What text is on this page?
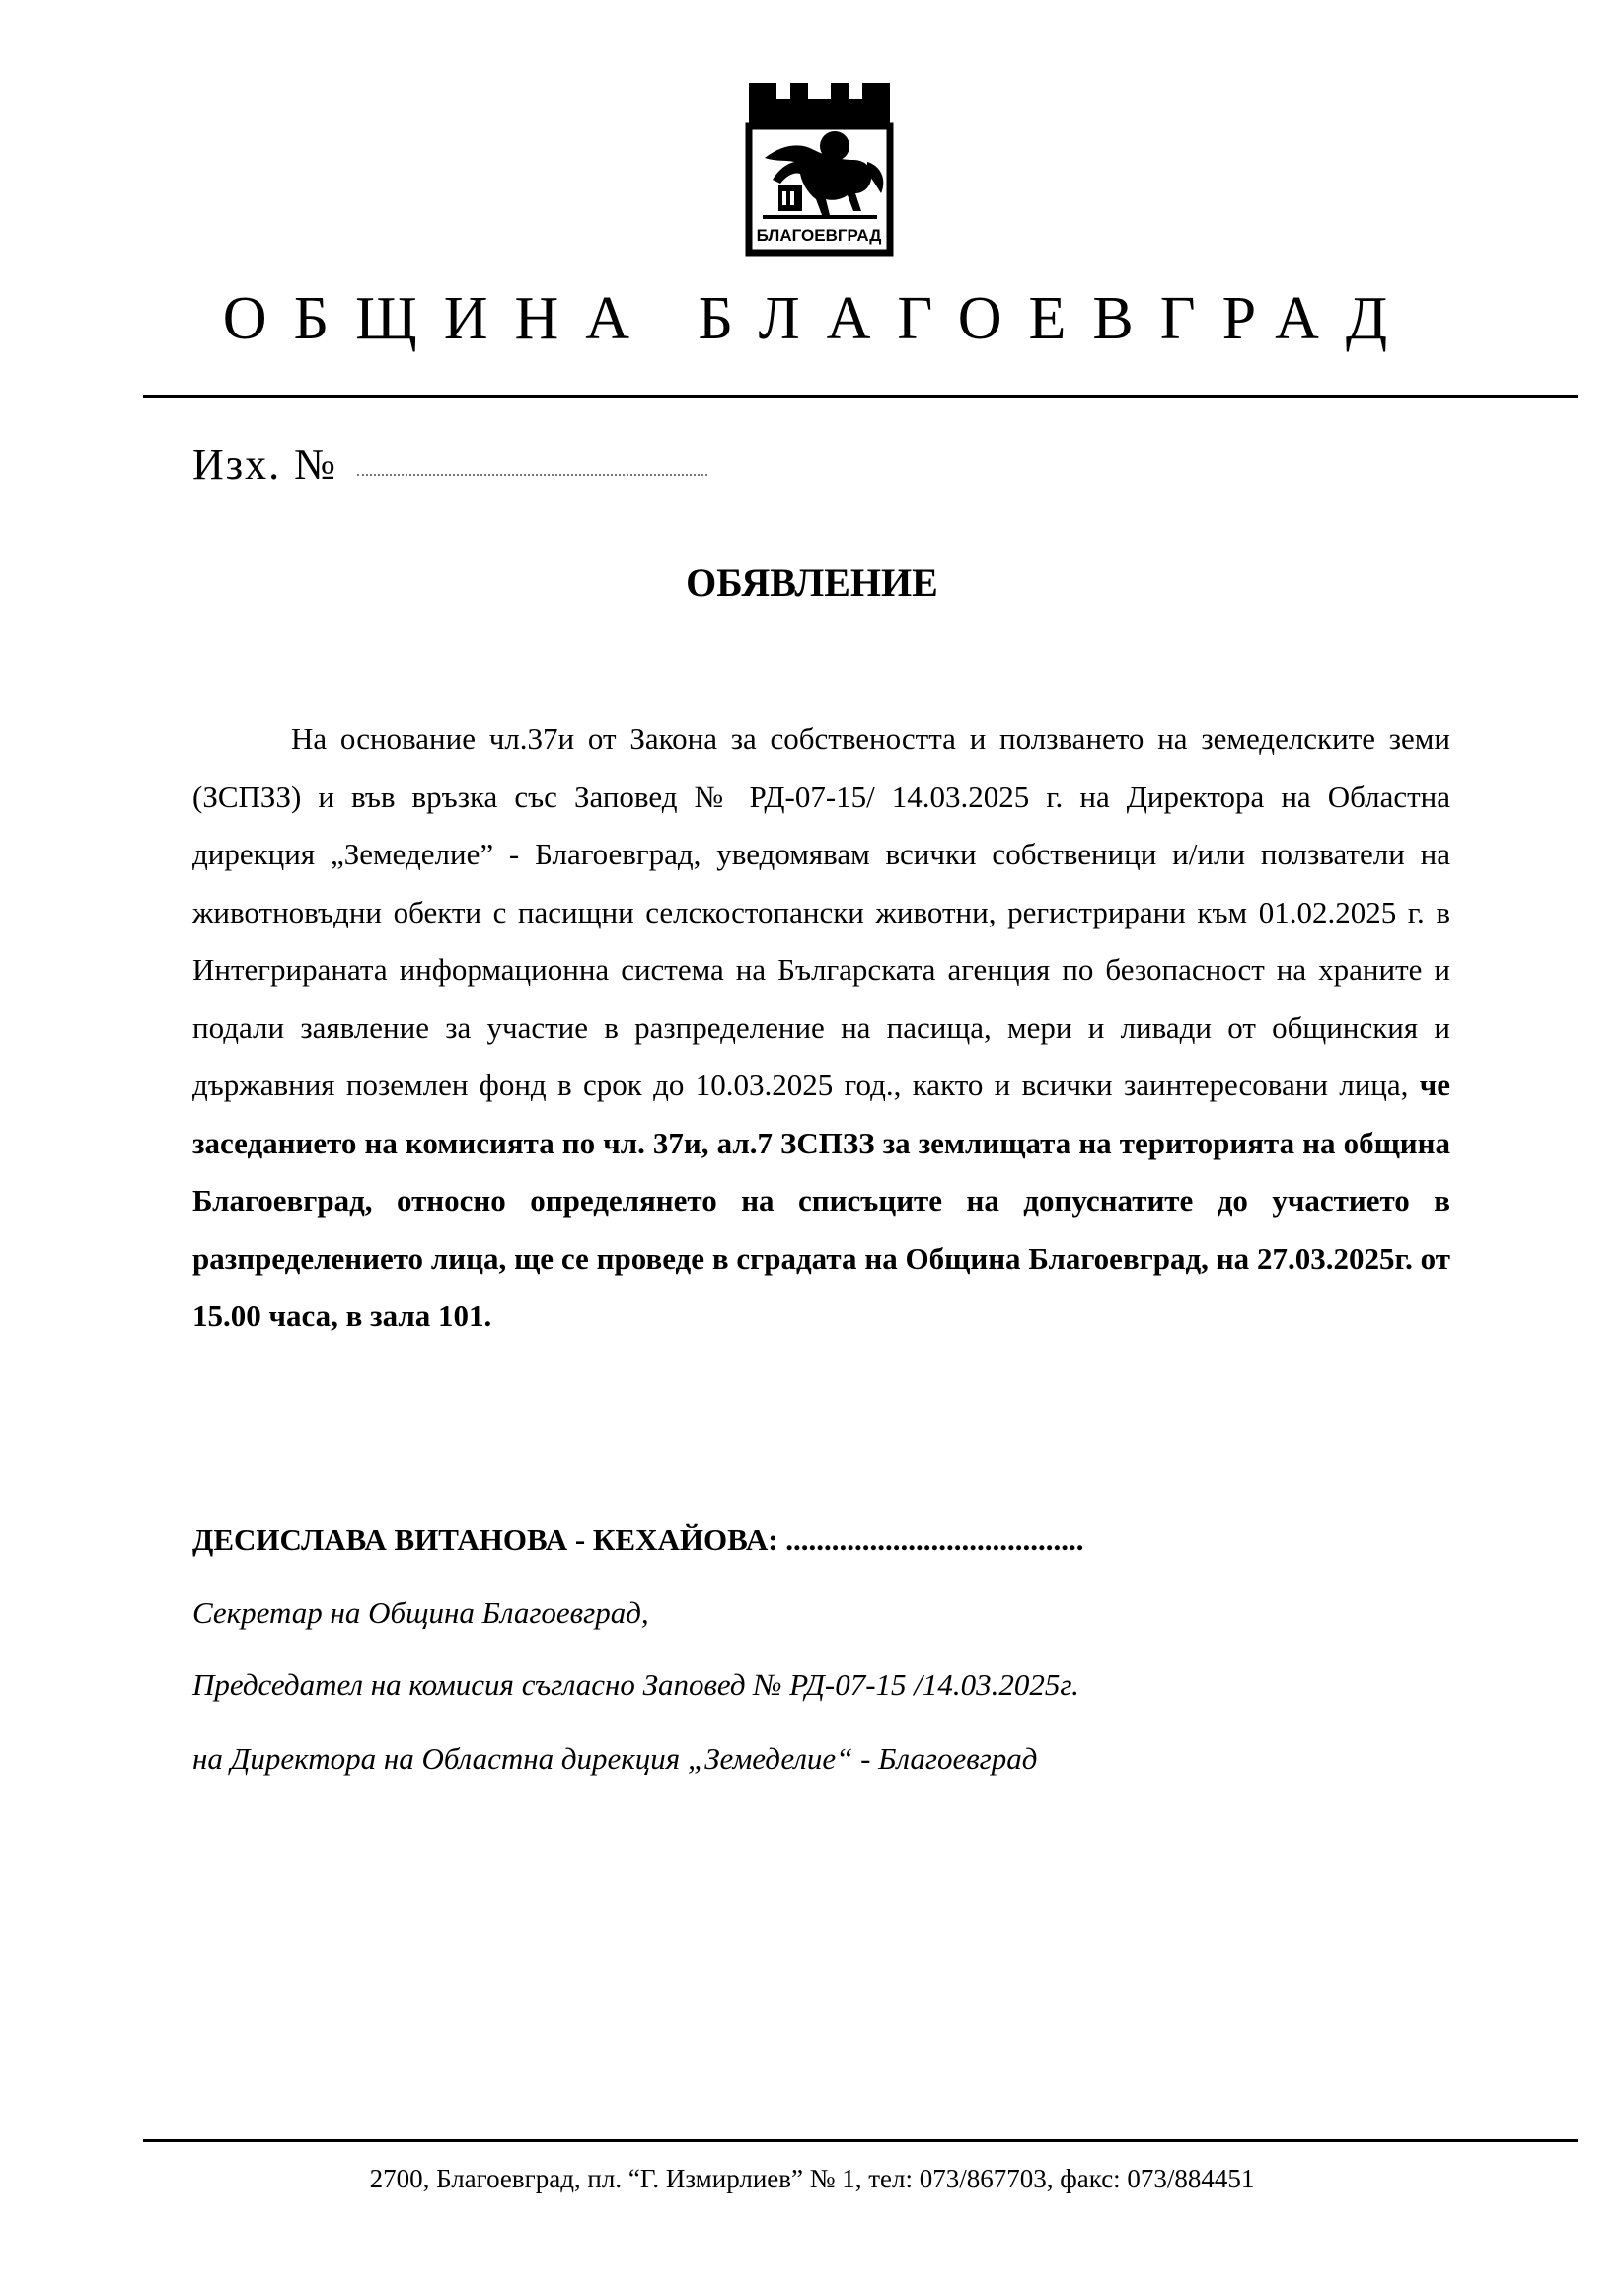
БЛАГОЕВГРАД
ОБЩИНА БЛАГОЕВГРАД
Изх. №
ОБЯВЛЕНИЕ
На основание чл.37и от Закона за собствеността и ползването на земеделските земи (ЗСПЗЗ) и във връзка със Заповед № РД-07-15/ 14.03.2025 г. на Директора на Областна дирекция „Земеделие” - Благоевград, уведомявам всички собственици и/или ползватели на животновъдни обекти с пасищни селскостопански животни, регистрирани към 01.02.2025 г. в Интегрираната информационна система на Българската агенция по безопасност на храните и подали заявление за участие в разпределение на пасища, мери и ливади от общинския и държавния поземлен фонд в срок до 10.03.2025 год., както и всички заинтересовани лица, че заседанието на комисията по чл. 37и, ал.7 ЗСПЗЗ за землищата на територията на община Благоевград, относно определянето на списъците на допуснатите до участието в разпределението лица, ще се проведе в сградата на Община Благоевград, на 27.03.2025г. от 15.00 часа, в зала 101.
ДЕСИСЛАВА ВИТАНОВА - КЕХАЙОВА: .......................................
Секретар на Община Благоевград,
Председател на комисия съгласно Заповед № РД-07-15 /14.03.2025г.
на Директора на Областна дирекция „Земеделие“ - Благоевград
2700, Благоевград, пл. “Г. Измирлиев” № 1, тел: 073/867703, факс: 073/884451
